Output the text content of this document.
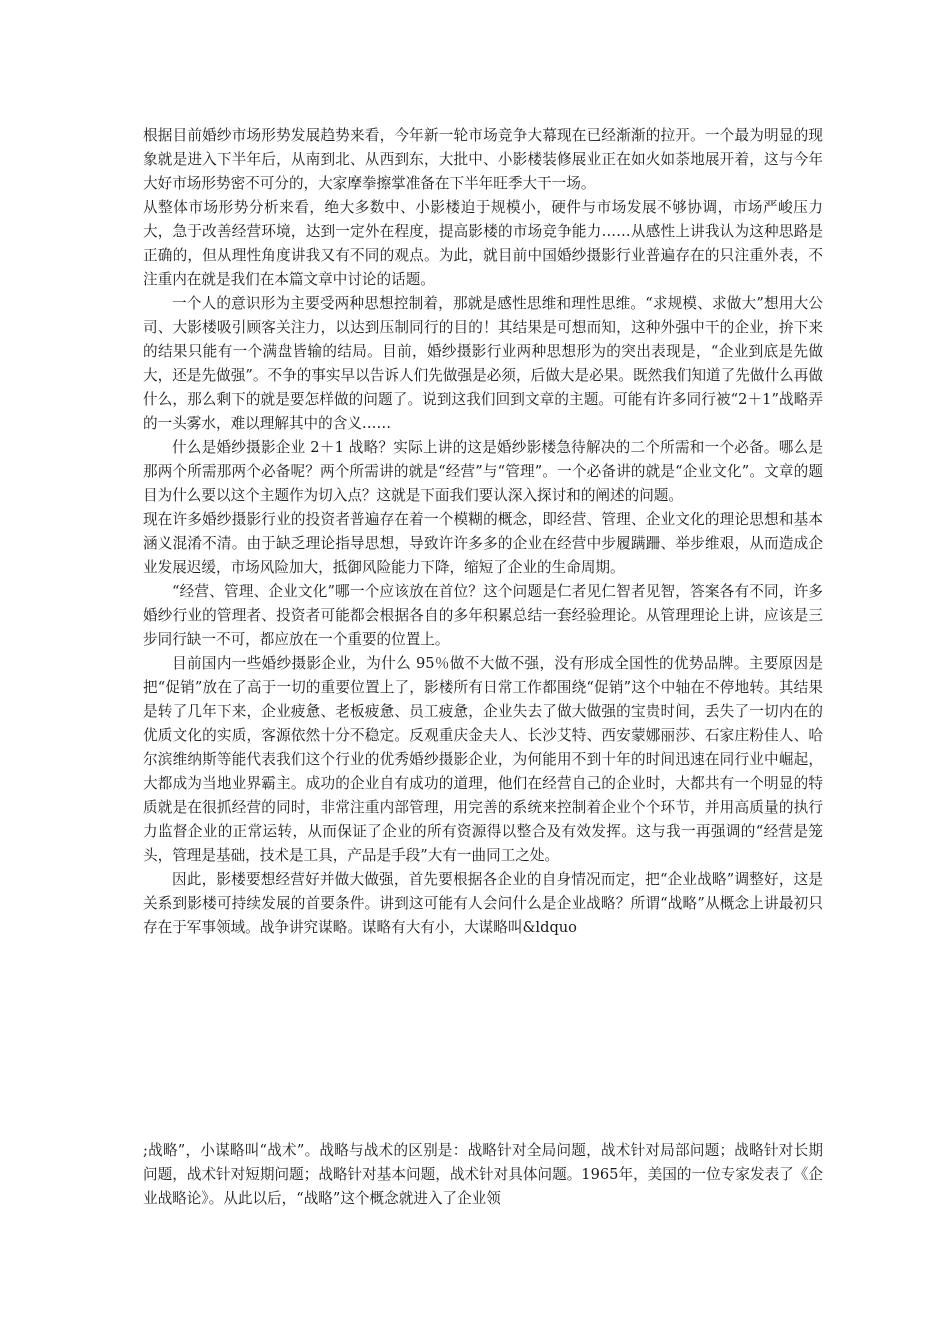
根据目前婚纱市场形势发展趋势来看，今年新一轮市场竞争大幕现在已经渐渐的拉开。一个最为明显的现象就是进入下半年后，从南到北、从西到东，大批中、小影楼装修展业正在如火如荼地展开着，这与今年大好市场形势密不可分的，大家摩拳擦掌准备在下半年旺季大干一场。

从整体市场形势分析来看，绝大多数中、小影楼迫于规模小，硬件与市场发展不够协调，市场严峻压力大，急于改善经营环境，达到一定外在程度，提高影楼的市场竞争能力……从感性上讲我认为这种思路是正确的，但从理性角度讲我又有不同的观点。为此，就目前中国婚纱摄影行业普遍存在的只注重外表，不注重内在就是我们在本篇文章中讨论的话题。

一个人的意识形为主要受两种思想控制着，那就是感性思维和理性思维。“求规模、求做大”想用大公司、大影楼吸引顾客关注力，以达到压制同行的目的！其结果是可想而知，这种外强中干的企业，拚下来的结果只能有一个满盘皆输的结局。目前，婚纱摄影行业两种思想形为的突出表现是，“企业到底是先做大，还是先做强”。不争的事实早以告诉人们先做强是必须，后做大是必果。既然我们知道了先做什么再做什么，那么剩下的就是要怎样做的问题了。说到这我们回到文章的主题。可能有许多同行被“2＋1”战略弄的一头雾水，难以理解其中的含义……

什么是婚纱摄影企业 2＋1 战略？实际上讲的这是婚纱影楼急待解决的二个所需和一个必备。哪么是那两个所需那两个必备呢？两个所需讲的就是“经营”与“管理”。一个必备讲的就是“企业文化”。文章的题目为什么要以这个主题作为切入点？这就是下面我们要认深入探讨和的阐述的问题。

现在许多婚纱摄影行业的投资者普遍存在着一个模糊的概念，即经营、管理、企业文化的理论思想和基本涵义混淆不清。由于缺乏理论指导思想，导致许许多多的企业在经营中步履蹒跚、举步维艰，从而造成企业发展迟缓，市场风险加大，抵御风险能力下降，缩短了企业的生命周期。

“经营、管理、企业文化”哪一个应该放在首位？这个问题是仁者见仁智者见智，答案各有不同，许多婚纱行业的管理者、投资者可能都会根据各自的多年积累总结一套经验理论。从管理理论上讲，应该是三步同行缺一不可，都应放在一个重要的位置上。

目前国内一些婚纱摄影企业，为什么 95％做不大做不强，没有形成全国性的优势品牌。主要原因是把“促销”放在了高于一切的重要位置上了，影楼所有日常工作都围绕“促销”这个中轴在不停地转。其结果是转了几年下来，企业疲惫、老板疲惫、员工疲惫，企业失去了做大做强的宝贵时间，丢失了一切内在的优质文化的实质，客源依然十分不稳定。反观重庆金夫人、长沙艾特、西安蒙娜丽莎、石家庄粉佳人、哈尔滨维纳斯等能代表我们这个行业的优秀婚纱摄影企业，为何能用不到十年的时间迅速在同行业中崛起，大都成为当地业界霸主。成功的企业自有成功的道理，他们在经营自己的企业时，大都共有一个明显的特质就是在很抓经营的同时，非常注重内部管理，用完善的系统来控制着企业个个环节，并用高质量的执行力监督企业的正常运转，从而保证了企业的所有资源得以整合及有效发挥。这与我一再强调的“经营是笼头，管理是基础，技术是工具，产品是手段”大有一曲同工之处。

因此，影楼要想经营好并做大做强，首先要根据各企业的自身情况而定，把“企业战略”调整好，这是关系到影楼可持续发展的首要条件。讲到这可能有人会问什么是企业战略？所谓“战略”从概念上讲最初只存在于军事领域。战争讲究谋略。谋略有大有小，大谋略叫&ldquo

;战略”，小谋略叫“战术”。战略与战术的区别是：战略针对全局问题，战术针对局部问题；战略针对长期问题，战术针对短期问题；战略针对基本问题，战术针对具体问题。1965年，美国的一位专家发表了《企业战略论》。从此以后，“战略”这个概念就进入了企业领
